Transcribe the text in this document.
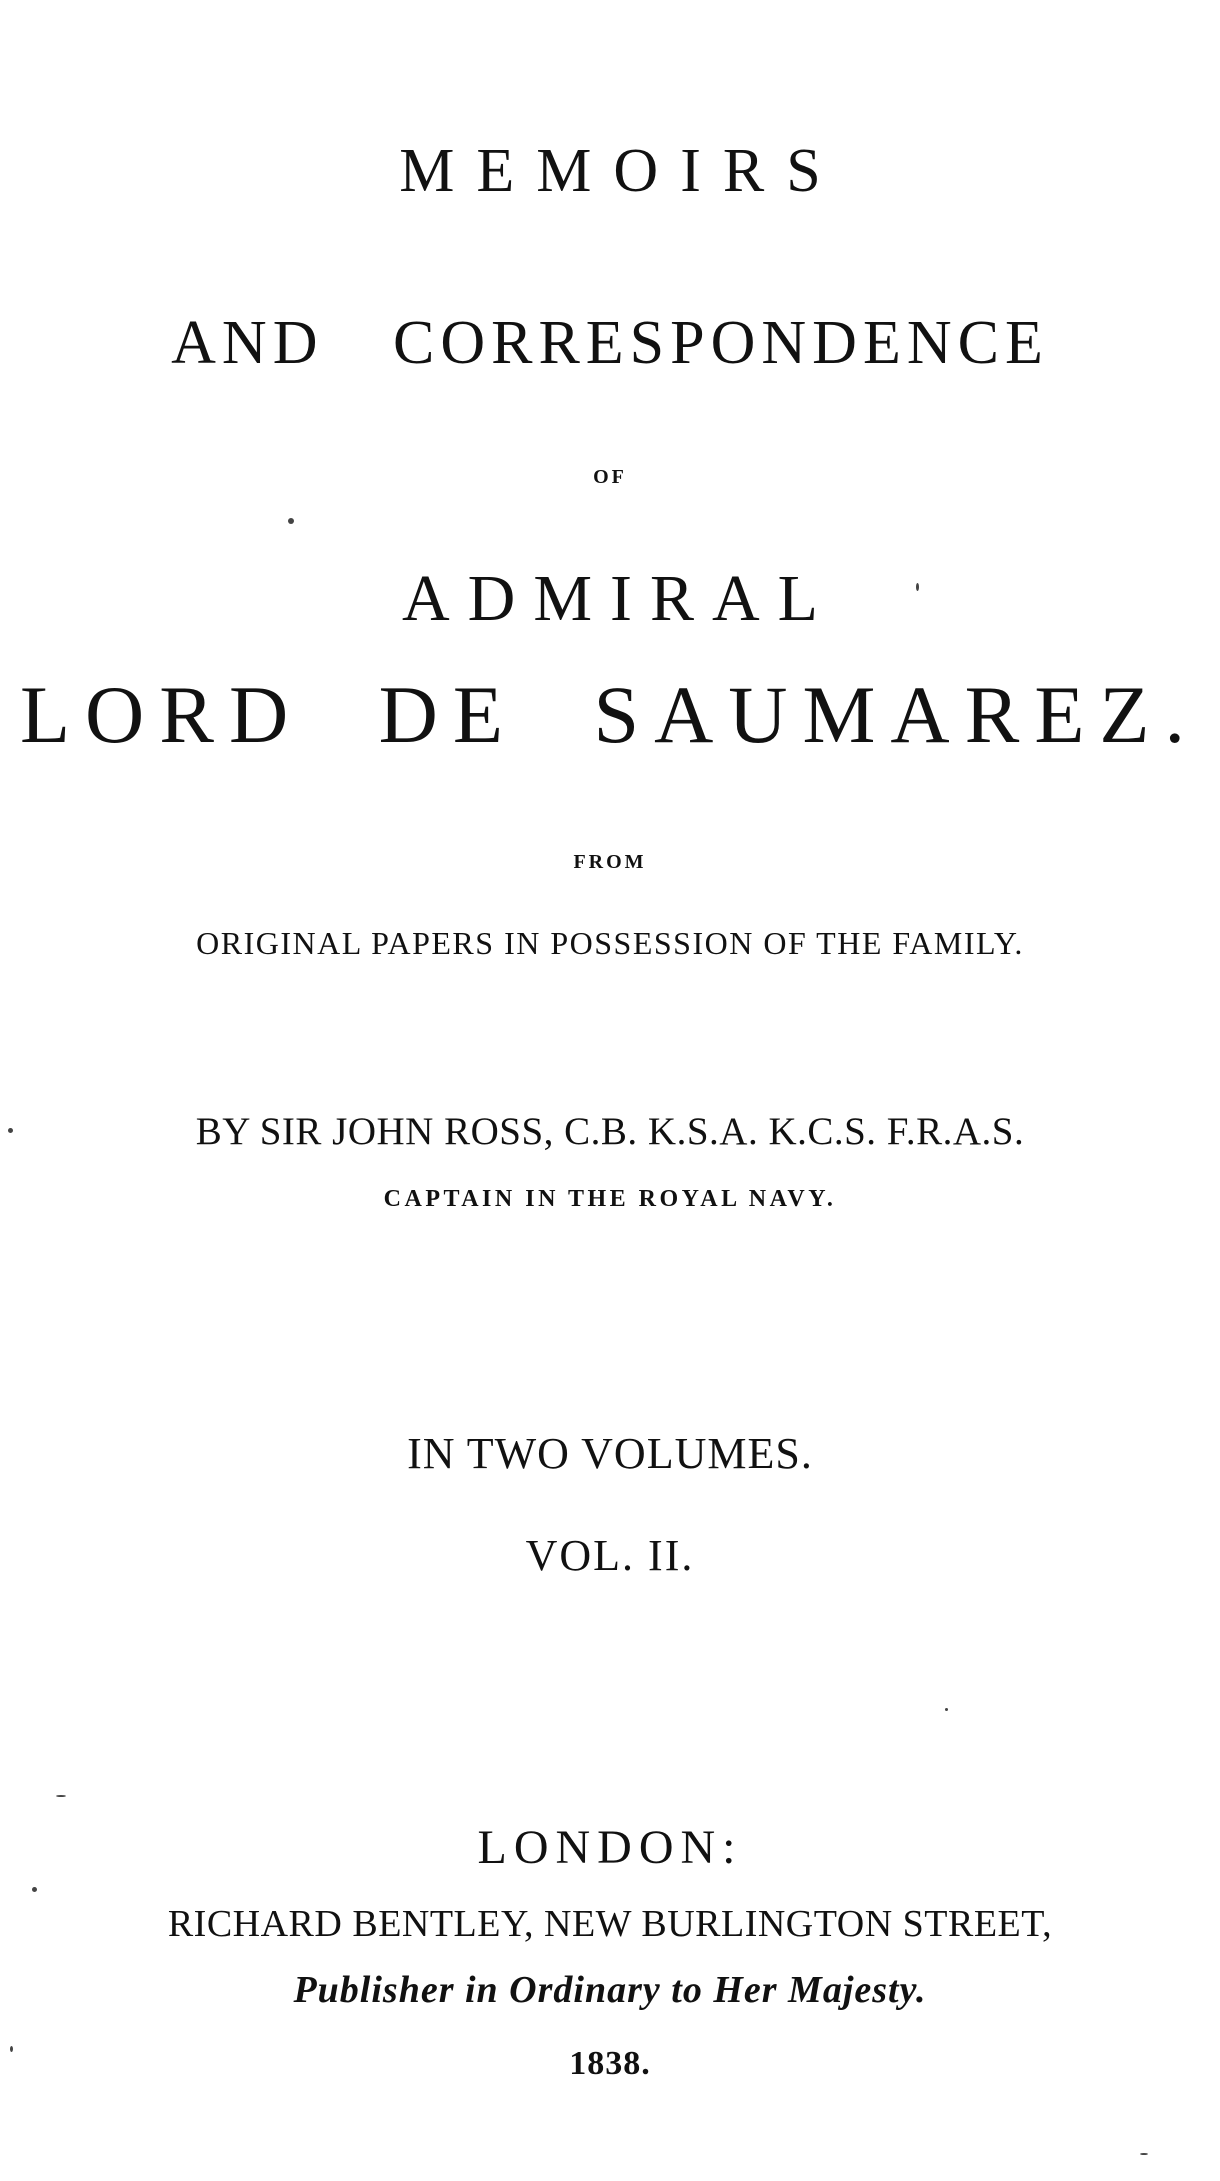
MEMOIRS
AND CORRESPONDENCE
OF
ADMIRAL
LORD DE SAUMAREZ.
FROM
ORIGINAL PAPERS IN POSSESSION OF THE FAMILY.
BY SIR JOHN ROSS, C.B. K.S.A. K.C.S. F.R.A.S.
CAPTAIN IN THE ROYAL NAVY.
IN TWO VOLUMES.
VOL. II.
LONDON:
RICHARD BENTLEY, NEW BURLINGTON STREET,
Publisher in Ordinary to Her Majesty.
1838.
